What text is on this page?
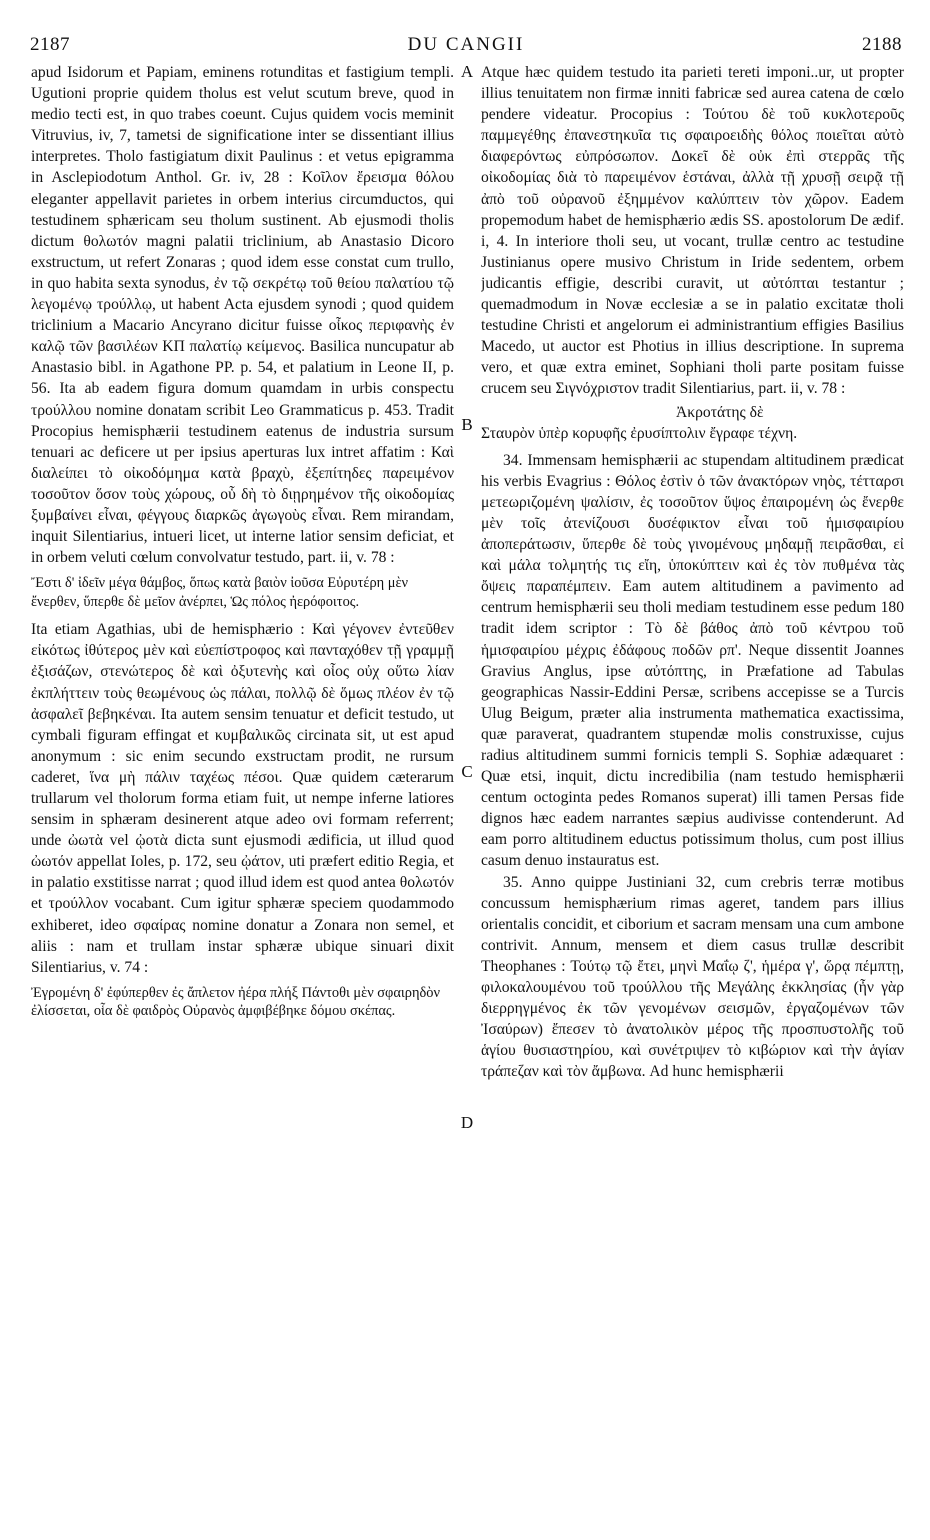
2187	DU CANGII	2188
A
B
C
D

apud Isidorum et Papiam, eminens rotunditas et fastigium templi. Ugutioni proprie quidem tholus est velut scutum breve, quod in medio tecti est, in quo trabes coeunt. Cujus quidem vocis meminit Vitruvius, iv, 7, tametsi de significatione inter se dissentiant illius interpretes. Tholo fastigiatum dixit Paulinus : et vetus epigramma in Asclepiodotum Anthol. Gr. iv, 28 : Κοῖλον ἔρεισμα θόλου eleganter appellavit parietes in orbem interius circumductos, qui testudinem sphæricam seu tholum sustinent. Ab ejusmodi tholis dictum θολωτόν magni palatii triclinium, ab Anastasio Dicoro exstructum, ut refert Zonaras ; quod idem esse constat cum trullo, in quo habita sexta synodus, ἐν τῷ σεκρέτῳ τοῦ θείου παλατίου τῷ λεγομένῳ τρούλλῳ, ut habent Acta ejusdem synodi ; quod quidem triclinium a Macario Ancyrano dicitur fuisse οἶκος περιφανὴς ἐν καλῷ τῶν βασιλέων ΚΠ παλατίῳ κείμενος. Basilica nuncupatur ab Anastasio bibl. in Agathone PP. p. 54, et palatium in Leone II, p. 56. Ita ab eadem figura domum quamdam in urbis conspectu τρούλλου nomine donatam scribit Leo Grammaticus p. 453. Tradit Procopius hemisphærii testudinem eatenus de industria sursum tenuari ac deficere ut per ipsius aperturas lux intret affatim : Καὶ διαλείπει τὸ οἰκοδόμημα κατὰ βραχὺ, ἐξεπίτηδες παρειμένον τοσοῦτον ὅσον τοὺς χώρους, οὗ δὴ τὸ διῃρημένον τῆς οἰκοδομίας ξυμβαίνει εἶναι, φέγγους διαρκῶς ἀγωγοὺς εἶναι. Rem mirandam, inquit Silentiarius, intueri licet, ut interne latior sensim deficiat, et in orbem veluti cœlum convolvatur testudo, part. ii, v. 78 :

Ἔστι δ' ἰδεῖν μέγα θάμβος, ὅπως κατὰ βαιὸν ἰοῦσα Εὐρυτέρη μὲν ἔνερθεν, ὕπερθε δὲ μεῖον ἀνέρπει, Ὡς πόλος ἠερόφοιτος.

Ita etiam Agathias, ubi de hemisphærio : Καὶ γέγονεν ἐντεῦθεν εἰκότως ἰθύτερος μὲν καὶ εὐεπίστροφος καὶ πανταχόθεν τῇ γραμμῇ ἐξισάζων, στενώτερος δὲ καὶ ὀξυτενὴς καὶ οἷος οὐχ οὕτω λίαν ἐκπλήττειν τοὺς θεωμένους ὡς πάλαι, πολλῷ δὲ ὅμως πλέον ἐν τῷ ἀσφαλεῖ βεβηκέναι. Ita autem sensim tenuatur et deficit testudo, ut cymbali figuram effingat et κυμβαλικῶς circinata sit, ut est apud anonymum : sic enim secundo exstructam prodit, ne rursum caderet, ἵνα μὴ πάλιν ταχέως πέσοι. Quæ quidem cæterarum trullarum vel tholorum forma etiam fuit, ut nempe inferne latiores sensim in sphæram desinerent atque adeo ovi formam referrent; unde ὠωτὰ vel ᾠοτὰ dicta sunt ejusmodi ædificia, ut illud quod ὠωτόν appellat Ioles, p. 172, seu ᾠάτον, uti præfert editio Regia, et in palatio exstitisse narrat ; quod illud idem est quod antea θολωτόν et τρούλλον vocabant. Cum igitur sphæræ speciem quodammodo exhiberet, ideo σφαίρας nomine donatur a Zonara non semel, et aliis : nam et trullam instar sphæræ ubique sinuari dixit Silentiarius, v. 74 :

Ἐγρομένη δ' ἐφύπερθεν ἐς ἄπλετον ἠέρα πλήξ Πάντοθι μὲν σφαιρηδὸν ἐλίσσεται, οἷα δὲ φαιδρὸς Οὐρανὸς ἀμφιβέβηκε δόμου σκέπας.

Atque hæc quidem testudo ita parieti tereti imponi..ur, ut propter illius tenuitatem non firmæ inniti fabricæ sed aurea catena de cœlo pendere videatur. Procopius : Τούτου δὲ τοῦ κυκλοτεροῦς παμμεγέθης ἐπανεστηκυῖα τις σφαιροειδὴς θόλος ποιεῖται αὐτὸ διαφερόντως εὐπρόσωπον. Δοκεῖ δὲ οὐκ ἐπὶ στερρᾶς τῆς οἰκοδομίας διὰ τὸ παρειμένον ἑστάναι, ἀλλὰ τῇ χρυσῇ σειρᾷ τῇ ἀπὸ τοῦ οὐρανοῦ ἐξημμένον καλύπτειν τὸν χῶρον. Eadem propemodum habet de hemisphærio ædis SS. apostolorum De ædif. i, 4. In interiore tholi seu, ut vocant, trullæ centro ac testudine Justinianus opere musivo Christum in Iride sedentem, orbem judicantis effigie, describi curavit, ut αὐτόπται testantur ; quemadmodum in Novæ ecclesiæ a se in palatio excitatæ tholi testudine Christi et angelorum ei administrantium effigies Basilius Macedo, ut auctor est Photius in illius descriptione. In suprema vero, et quæ extra eminet, Sophiani tholi parte positam fuisse crucem seu Σιγνόχριστον tradit Silentiarius, part. ii, v. 78 :

Ἀκροτάτης δὲ

Σταυρὸν ὑπὲρ κορυφῆς ἐρυσίπτολιν ἔγραφε τέχνη.

34. Immensam hemisphærii ac stupendam altitudinem prædicat his verbis Evagrius : Θόλος ἐστὶν ὁ τῶν ἀνακτόρων νηὸς, τέτταρσι μετεωριζομένη ψαλίσιν, ἐς τοσοῦτον ὕψος ἐπαιρομένη ὡς ἔνερθε μὲν τοῖς ἀτενίζουσι δυσέφικτον εἶναι τοῦ ἡμισφαιρίου ἀποπεράτωσιν, ὕπερθε δὲ τοὺς γινομένους μηδαμῇ πειρᾶσθαι, εἰ καὶ μάλα τολμητής τις εἴη, ὑποκύπτειν καὶ ἐς τὸν πυθμένα τὰς ὄψεις παραπέμπειν. Eam autem altitudinem a pavimento ad centrum hemisphærii seu tholi mediam testudinem esse pedum 180 tradit idem scriptor : Τὸ δὲ βάθος ἀπὸ τοῦ κέντρου τοῦ ἡμισφαιρίου μέχρις ἐδάφους ποδῶν ρπ'. Neque dissentit Joannes Gravius Anglus, ipse αὐτόπτης, in Præfatione ad Tabulas geographicas Nassir-Eddini Persæ, scribens accepisse se a Turcis Ulug Beigum, præter alia instrumenta mathematica exactissima, quæ paraverat, quadrantem stupendæ molis construxisse, cujus radius altitudinem summi fornicis templi S. Sophiæ adæquaret : Quæ etsi, inquit, dictu incredibilia (nam testudo hemisphærii centum octoginta pedes Romanos superat) illi tamen Persas fide dignos hæc eadem narrantes sæpius audivisse contenderunt. Ad eam porro altitudinem eductus potissimum tholus, cum post illius casum denuo instauratus est.

35. Anno quippe Justiniani 32, cum crebris terræ motibus concussum hemisphærium rimas ageret, tandem pars illius orientalis concidit, et ciborium et sacram mensam una cum ambone contrivit. Annum, mensem et diem casus trullæ describit Theophanes : Τούτῳ τῷ ἔτει, μηνὶ Μαΐῳ ζ', ἡμέρα γ', ὥρᾳ πέμπτῃ, φιλοκαλουμένου τοῦ τρούλλου τῆς Μεγάλης ἐκκλησίας (ἦν γὰρ διερρηγμένος ἐκ τῶν γενομένων σεισμῶν, ἐργαζομένων τῶν Ἰσαύρων) ἔπεσεν τὸ ἀνατολικὸν μέρος τῆς προσπυστολῆς τοῦ ἁγίου θυσιαστηρίου, καὶ συνέτριψεν τὸ κιβώριον καὶ τὴν ἁγίαν τράπεζαν καὶ τὸν ἄμβωνα. Ad hunc hemisphærii
